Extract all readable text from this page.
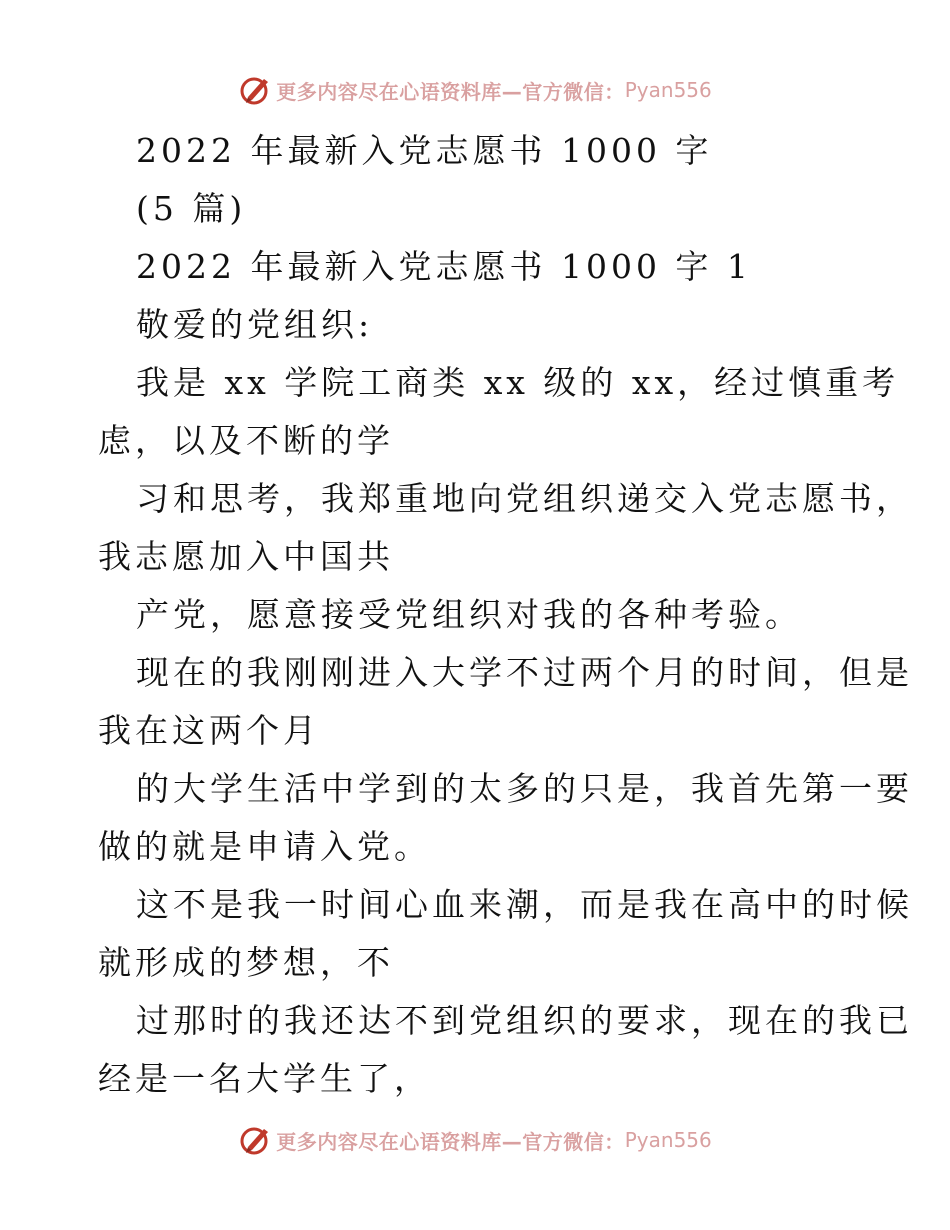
更多内容尽在心语资料库—官方微信： Pyan556
2022 年最新入党志愿书 1000 字
(5 篇)
2022 年最新入党志愿书 1000 字 1
敬爱的党组织:
我是 xx 学院工商类 xx 级的 xx，经过慎重考
虑，以及不断的学
习和思考，我郑重地向党组织递交入党志愿书，
我志愿加入中国共
产党，愿意接受党组织对我的各种考验。
现在的我刚刚进入大学不过两个月的时间，但是
我在这两个月
的大学生活中学到的太多的只是，我首先第一要
做的就是申请入党。
这不是我一时间心血来潮，而是我在高中的时候
就形成的梦想，不
过那时的我还达不到党组织的要求，现在的我已
经是一名大学生了，
更多内容尽在心语资料库—官方微信： Pyan556
